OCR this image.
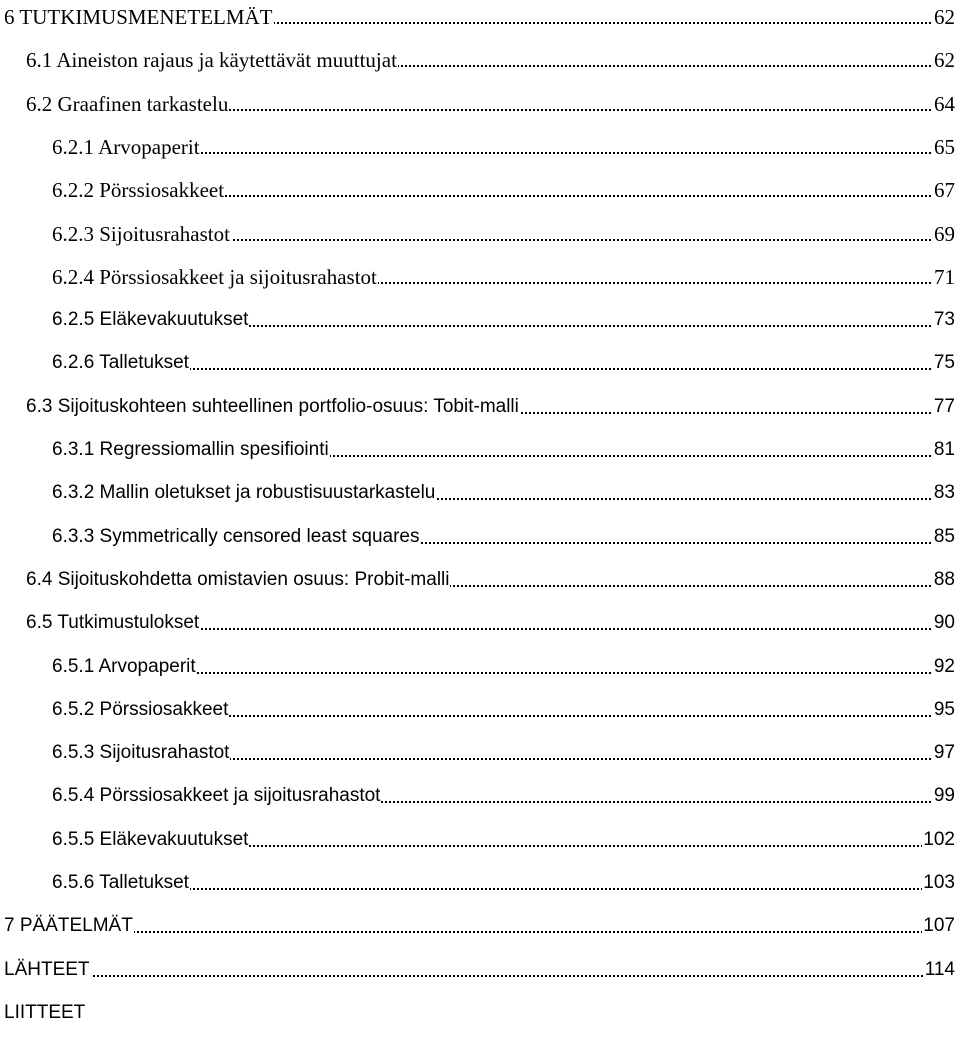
6 TUTKIMUSMENETELMÄT	62
6.1 Aineiston rajaus ja käytettävät muuttujat	62
6.2 Graafinen tarkastelu	64
6.2.1 Arvopaperit	65
6.2.2 Pörssiosakkeet	67
6.2.3 Sijoitusrahastot	69
6.2.4 Pörssiosakkeet ja sijoitusrahastot	71
6.2.5 Eläkevakuutukset	73
6.2.6 Talletukset	75
6.3 Sijoituskohteen suhteellinen portfolio-osuus: Tobit-malli	77
6.3.1 Regressiomallin spesifiointi	81
6.3.2 Mallin oletukset ja robustisuustarkastelu	83
6.3.3 Symmetrically censored least squares	85
6.4 Sijoituskohdetta omistavien osuus: Probit-malli	88
6.5 Tutkimustulokset	90
6.5.1 Arvopaperit	92
6.5.2 Pörssiosakkeet	95
6.5.3 Sijoitusrahastot	97
6.5.4 Pörssiosakkeet ja sijoitusrahastot	99
6.5.5 Eläkevakuutukset	102
6.5.6 Talletukset	103
7 PÄÄTELMÄT	107
LÄHTEET	114
LIITTEET
